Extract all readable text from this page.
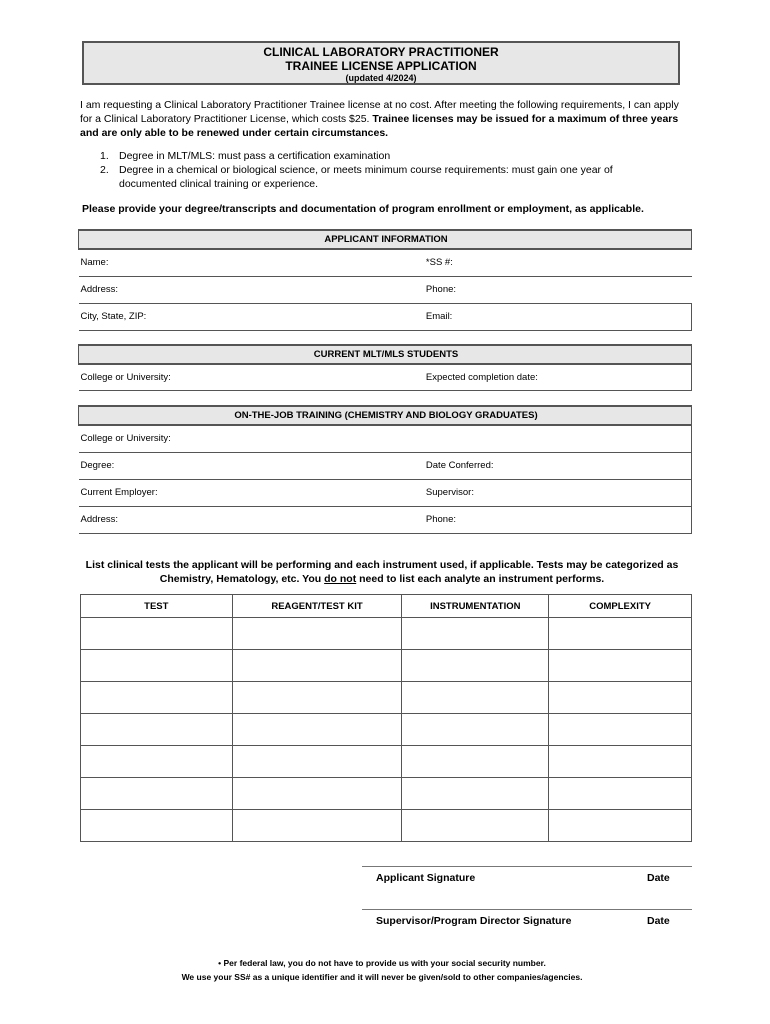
CLINICAL LABORATORY PRACTITIONER
TRAINEE LICENSE APPLICATION
(updated 4/2024)
I am requesting a Clinical Laboratory Practitioner Trainee license at no cost. After meeting the following requirements, I can apply for a Clinical Laboratory Practitioner License, which costs $25. Trainee licenses may be issued for a maximum of three years and are only able to be renewed under certain circumstances.
1. Degree in MLT/MLS: must pass a certification examination
2. Degree in a chemical or biological science, or meets minimum course requirements: must gain one year of documented clinical training or experience.
Please provide your degree/transcripts and documentation of program enrollment or employment, as applicable.
APPLICANT INFORMATION	
Name:	*SS #:
Address:	Phone:
City, State, ZIP:	Email:
CURRENT MLT/MLS STUDENTS
College or University:	Expected completion date:
ON-THE-JOB TRAINING (CHEMISTRY AND BIOLOGY GRADUATES)	
College or University:	
Degree:	Date Conferred:
Current Employer:	Supervisor:
Address:	Phone:
List clinical tests the applicant will be performing and each instrument used, if applicable. Tests may be categorized as Chemistry, Hematology, etc. You do not need to list each analyte an instrument performs.
TEST	REAGENT/TEST KIT	INSTRUMENTATION	COMPLEXITY

Applicant Signature	Date
Supervisor/Program Director Signature	Date
• Per federal law, you do not have to provide us with your social security number.
We use your SS# as a unique identifier and it will never be given/sold to other companies/agencies.
